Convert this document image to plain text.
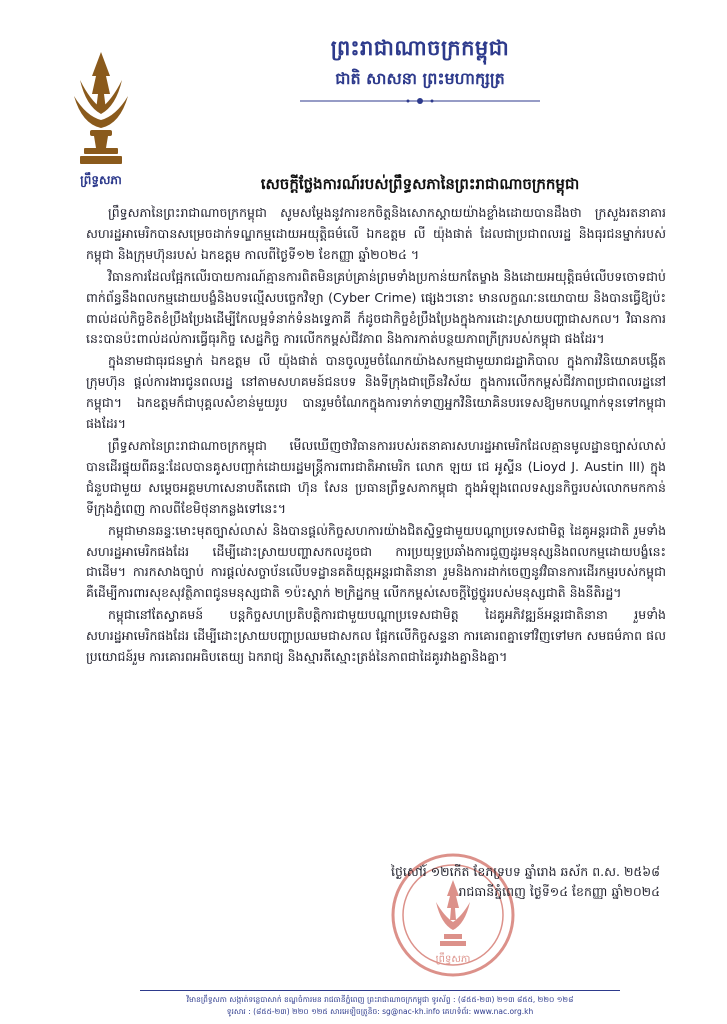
ព្រឹទ្ធសភា
ព្រះរាជាណាចក្រកម្ពុជា
ជាតិ សាសនា ព្រះមហាក្សត្រ
សេចក្តីថ្លែងការណ៍របស់ព្រឹទ្ធសភានៃព្រះរាជាណាចក្រកម្ពុជា

ព្រឹទ្ធសភានៃព្រះរាជាណាចក្រកម្ពុជា សូមសម្តែងនូវការខកចិត្តនិងសោកស្តាយយ៉ាងខ្លាំងដោយបានដឹងថា ក្រសួងរតនាគារសហរដ្ឋអាមេរិកបានសម្រេចដាក់ទណ្ឌកម្មដោយអយុត្តិធម៌លើ ឯកឧត្តម លី យ៉ុងផាត់ ដែលជាប្រជាពលរដ្ឋ និងធុរជនម្នាក់របស់កម្ពុជា និងក្រុមហ៊ុនរបស់ ឯកឧត្តម កាលពីថ្ងៃទី១២ ខែកញ្ញា ឆ្នាំ២០២៤ ។

វិធានការដែលផ្អែកលើរបាយការណ៍គ្មានការពិតមិនគ្រប់គ្រាន់ព្រមទាំងប្រកាន់យកតែម្ខាង និងដោយអយុត្តិធម៌លើបទចោទជាប់ពាក់ព័ន្ធនឹងពលកម្មដោយបង្ខំនិងបទល្មើសបច្ចេកវិទ្យា (Cyber Crime) ផ្សេងៗនោះ មានលក្ខណៈនយោបាយ និងបានធ្វើឱ្យប៉ះពាល់ដល់កិច្ចខិតខំប្រឹងប្រែងដើម្បីកែលម្អទំនាក់ទំនងទ្វេភាគី ក៏ដូចជាកិច្ចខំប្រឹងប្រែងក្នុងការដោះស្រាយបញ្ហាជាសកល។ វិធានការនេះបានប៉ះពាល់ដល់ការធ្វើធុរកិច្ច សេដ្ឋកិច្ច ការលើកកម្ពស់ជីវភាព និងការកាត់បន្ថយភាពក្រីក្ររបស់កម្ពុជា ផងដែរ។

ក្នុងនាមជាធុរជនម្នាក់ ឯកឧត្តម លី យ៉ុងផាត់ បានចូលរួមចំណែកយ៉ាងសកម្មជាមួយរាជរដ្ឋាភិបាល ក្នុងការវិនិយោគបង្កើតក្រុមហ៊ុន ផ្តល់ការងារជូនពលរដ្ឋ នៅតាមសហគមន៍ជនបទ និងទីក្រុងជាច្រើនវិស័យ ក្នុងការលើកកម្ពស់ជីវភាពប្រជាពលរដ្ឋនៅកម្ពុជា។ ឯកឧត្តមក៏ជាបុគ្គលសំខាន់មួយរូប បានរួមចំណែកក្នុងការទាក់ទាញអ្នកវិនិយោគិនបរទេសឱ្យមកបណ្តាក់ទុនទៅកម្ពុជា ផងដែរ។

ព្រឹទ្ធសភានៃព្រះរាជាណាចក្រកម្ពុជា មើលឃើញថាវិធានការរបស់រតនាគារសហរដ្ឋអាមេរិកដែលគ្មានមូលដ្ឋានច្បាស់លាស់ បានដើរផ្ទុយពីឆន្ទៈដែលបានគូសបញ្ជាក់ដោយរដ្ឋមន្ត្រីការពារជាតិអាមេរិក លោក ឡយ ជេ អូស្ទីន (Lioyd J. Austin III) ក្នុងជំនួបជាមួយ សម្តេចអគ្គមហាសេនាបតីតេជោ ហ៊ុន សែន ប្រធានព្រឹទ្ធសភាកម្ពុជា ក្នុងអំឡុងពេលទស្សនកិច្ចរបស់លោកមកកាន់ទីក្រុងភ្នំពេញ កាលពីខែមិថុនាកន្លងទៅនេះ។

កម្ពុជាមានឆន្ទៈមោះមុតច្បាស់លាស់ និងបានផ្តល់កិច្ចសហការយ៉ាងជិតស្និទ្ធជាមួយបណ្តាប្រទេសជាមិត្ត ដៃគូអន្តរជាតិ រួមទាំងសហរដ្ឋអាមេរិកផងដែរ ដើម្បីដោះស្រាយបញ្ហាសកលដូចជា ការប្រយុទ្ធប្រឆាំងការជួញដូរមនុស្សនិងពលកម្មដោយបង្ខំនេះជាដើម។ ការកសាងច្បាប់ ការផ្តល់សច្ចាប័នលើបទដ្ឋានគតិយុត្តអន្តរជាតិនានា រួមនិងការដាក់ចេញនូវវិធានការដើរកម្មរបស់កម្ពុជា គឺដើម្បីការពារសុខសុវត្ថិភាពជូនមនុស្សជាតិ ១ប៉ះស្តាក់ ២ក្រិដ្ឋកម្ម លើកកម្ពស់សេចក្តីថ្លៃថ្នូររបស់មនុស្សជាតិ និងនីតិរដ្ឋ។

កម្ពុជានៅតែស្វាគមន៍ បន្តកិច្ចសហប្រតិបត្តិការជាមួយបណ្តាប្រទេសជាមិត្ត ដៃគូអភិវឌ្ឍន៍អន្តរជាតិនានា រួមទាំងសហរដ្ឋអាមេរិកផងដែរ ដើម្បីដោះស្រាយបញ្ហាប្រឈមជាសកល ផ្អែកលើកិច្ចសន្ទនា ការគោរពគ្នាទៅវិញទៅមក សមធម៌ភាព ផលប្រយោជន៍រួម ការគោរពអធិបតេយ្យ ឯករាជ្យ និងស្មារតីស្មោះត្រង់នៃភាពជាដៃគូរវាងគ្នានិងគ្នា។

ព្រឹទ្ធសភា
ថ្ងៃសៅរ៍ ១២កើត ខែភទ្របទ ឆ្នាំរោង ឆស័ក ព.ស. ២៥៦៨
រាជធានីភ្នំពេញ ថ្ងៃទី១៤ ខែកញ្ញា ឆ្នាំ២០២៤
វិមានព្រឹទ្ធសភា សង្កាត់ទន្លេបាសាក់ ខណ្ឌចំការមន រាជធានីភ្នំពេញ ព្រះរាជាណាចក្រកម្ពុជា ទូរស័ព្ទ : (៨៥៥-២៣) ២១៣ ៨៥៥, ២២០ ១២៨
ទូរសារ : (៨៥៥-២៣) ២២០ ១២៥ សារអេឡិចត្រូនិច: sg@nac-kh.info គេហទំព័រ: www.nac.org.kh
